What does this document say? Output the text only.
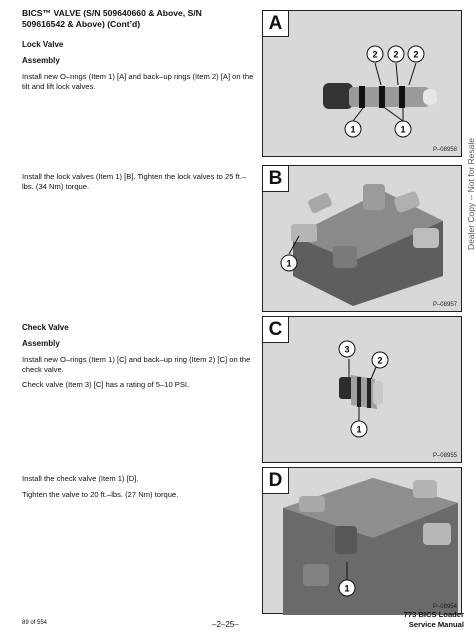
BICS™ VALVE (S/N 509640660 & Above, S/N
509616542 & Above) (Cont’d)
Lock Valve
Assembly
Install new O–rings (Item 1) [A] and back–up rings (Item 2) [A] on the tilt and lift lock valves.
Install the lock valves (Item 1) [B]. Tighten the lock valves to 25 ft.–lbs. (34 Nm) torque.
Check Valve
Assembly
Install new O–rings (Item 1) [C] and back–up ring (Item 2) [C] on the check valve.
Check valve (Item 3) [C] has a rating of 5–10 PSI.
Install the check valve (Item 1) [D].
Tighten the valve to 20 ft.–lbs. (27 Nm) torque.
A
2 2 2
1	1
P–08958
B
1
P–08957
C
3
2
1
P–08955
D
1
P–08954
Dealer Copy -- Not for Resale
89 of 554	–2–25–
773 BICS Loader
Service Manual
